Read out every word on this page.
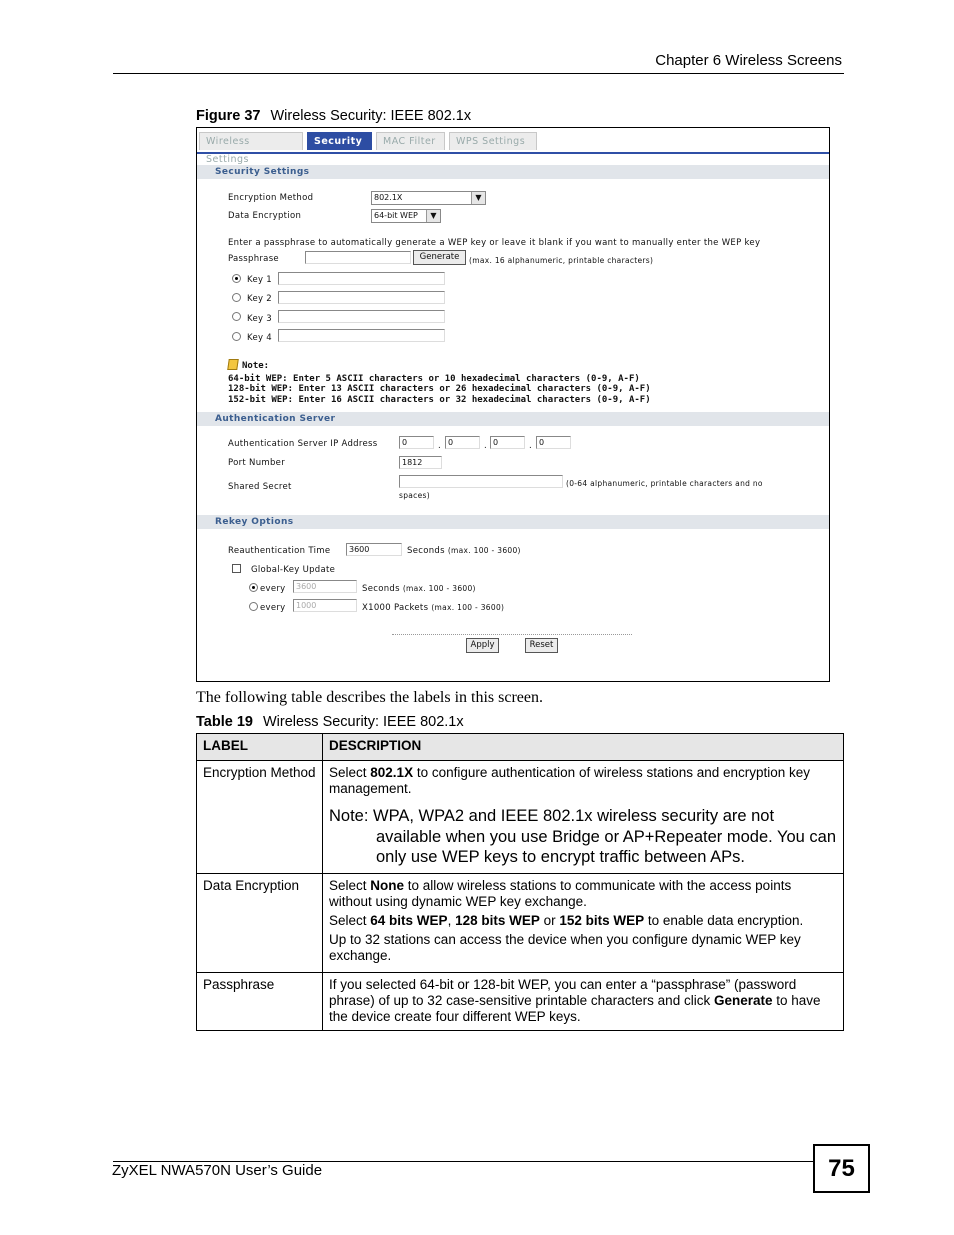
Chapter 6 Wireless Screens
Figure 37 Wireless Security: IEEE 802.1x
Wireless Settings
Security	MAC Filter	WPS Settings
Security Settings
Encryption Method	802.1X	▼
Data Encryption	64-bit WEP	▼
Enter a passphrase to automatically generate a WEP key or leave it blank if you want to manually enter the WEP key
Passphrase	Generate	(max. 16 alphanumeric, printable characters)
Key 1
Key 2
Key 3
Key 4
Note:
64-bit WEP: Enter 5 ASCII characters or 10 hexadecimal characters (0-9, A-F)
128-bit WEP: Enter 13 ASCII characters or 26 hexadecimal characters (0-9, A-F)
152-bit WEP: Enter 16 ASCII characters or 32 hexadecimal characters (0-9, A-F)
Authentication Server
Authentication Server IP Address	0	. 0	. 0	. 0
Port Number	1812
Shared Secret	(0-64 alphanumeric, printable characters and no
spaces)
Rekey Options
Reauthentication Time	3600	Seconds (max. 100 - 3600)
Global-Key Update
every	3600	Seconds (max. 100 - 3600)
every	1000	X1000 Packets (max. 100 - 3600)
Apply	Reset
The following table describes the labels in this screen.
Table 19 Wireless Security: IEEE 802.1x
LABEL	DESCRIPTION
Encryption Method	Select 802.1X to configure authentication of wireless stations and encryption key management.

Note: WPA, WPA2 and IEEE 802.1x wireless security are not
available when you use Bridge or AP+Repeater mode. You can only use WEP keys to encrypt traffic between APs.

Data Encryption	Select None to allow wireless stations to communicate with the access points without using dynamic WEP key exchange.

Select 64 bits WEP, 128 bits WEP or 152 bits WEP to enable data encryption.

Up to 32 stations can access the device when you configure dynamic WEP key exchange.

Passphrase	If you selected 64-bit or 128-bit WEP, you can enter a “passphrase” (password phrase) of up to 32 case-sensitive printable characters and click Generate to have the device create four different WEP keys.
ZyXEL NWA570N User’s Guide	75
